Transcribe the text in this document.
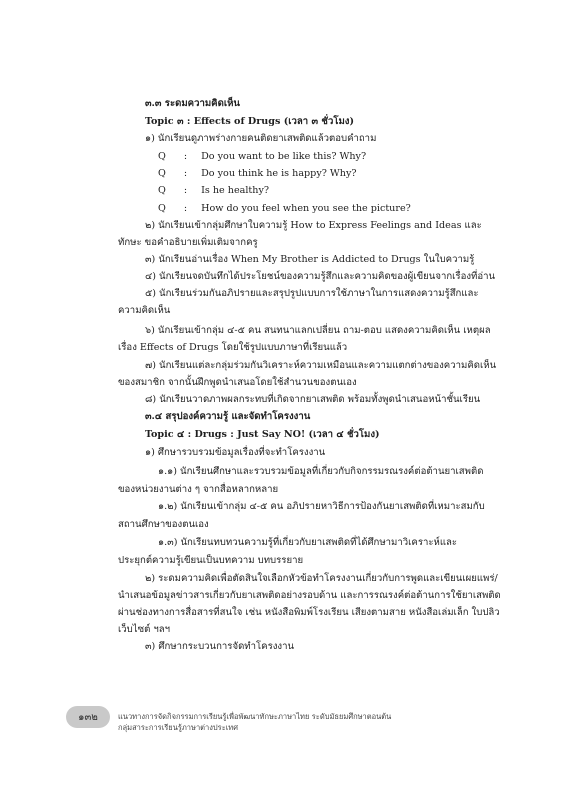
๓.๓ ระดมความคิดเห็น
Topic ๓ : Effects of Drugs (เวลา ๓ ชั่วโมง)
๑) นักเรียนดูภาพร่างกายคนติดยาเสพติดแล้วตอบคำถาม
Q : Do you want to be like this? Why?
Q : Do you think he is happy? Why?
Q : Is he healthy?
Q : How do you feel when you see the picture?
๒) นักเรียนเข้ากลุ่มศึกษาใบความรู้ How to Express Feelings and Ideas และ
ทักษะ ขอคำอธิบายเพิ่มเติมจากครู
๓) นักเรียนอ่านเรื่อง When My Brother is Addicted to Drugs ในใบความรู้
๔) นักเรียนจดบันทึกได้ประโยชน์ของความรู้สึกและความคิดของผู้เขียนจากเรื่องที่อ่าน
๕) นักเรียนร่วมกันอภิปรายและสรุปรูปแบบการใช้ภาษาในการแสดงความรู้สึกและ
ความคิดเห็น
๖) นักเรียนเข้ากลุ่ม ๔-๕ คน สนทนาแลกเปลี่ยน ถาม-ตอบ แสดงความคิดเห็น เหตุผล
เรื่อง Effects of Drugs โดยใช้รูปแบบภาษาที่เรียนแล้ว
๗) นักเรียนแต่ละกลุ่มร่วมกันวิเคราะห์ความเหมือนและความแตกต่างของความคิดเห็น
ของสมาชิก จากนั้นฝึกพูดนำเสนอโดยใช้สำนวนของตนเอง
๘) นักเรียนวาดภาพผลกระทบที่เกิดจากยาเสพติด พร้อมทั้งพูดนำเสนอหน้าชั้นเรียน
๓.๔ สรุปองค์ความรู้ และจัดทำโครงงาน
Topic ๔ : Drugs : Just Say NO! (เวลา ๔ ชั่วโมง)
๑) ศึกษารวบรวมข้อมูลเรื่องที่จะทำโครงงาน
๑.๑) นักเรียนศึกษาและรวบรวมข้อมูลที่เกี่ยวกับกิจกรรมรณรงค์ต่อต้านยาเสพติด
ของหน่วยงานต่าง ๆ จากสื่อหลากหลาย
๑.๒) นักเรียนเข้ากลุ่ม ๔-๕ คน อภิปรายหาวิธีการป้องกันยาเสพติดที่เหมาะสมกับ
สถานศึกษาของตนเอง
๑.๓) นักเรียนทบทวนความรู้ที่เกี่ยวกับยาเสพติดที่ได้ศึกษามาวิเคราะห์และ
ประยุกต์ความรู้เขียนเป็นบทความ บทบรรยาย
๒) ระดมความคิดเพื่อตัดสินใจเลือกหัวข้อทำโครงงานเกี่ยวกับการพูดและเขียนเผยแพร่/
นำเสนอข้อมูลข่าวสารเกี่ยวกับยาเสพติดอย่างรอบด้าน และการรณรงค์ต่อต้านการใช้ยาเสพติด
ผ่านช่องทางการสื่อสารที่สนใจ เช่น หนังสือพิมพ์โรงเรียน เสียงตามสาย หนังสือเล่มเล็ก ใบปลิว
เว็บไซต์ ฯลฯ
๓) ศึกษากระบวนการจัดทำโครงงาน
๑๓๒	แนวทางการจัดกิจกรรมการเรียนรู้เพื่อพัฒนาทักษะภาษาไทย ระดับมัธยมศึกษาตอนต้น
กลุ่มสาระการเรียนรู้ภาษาต่างประเทศ
